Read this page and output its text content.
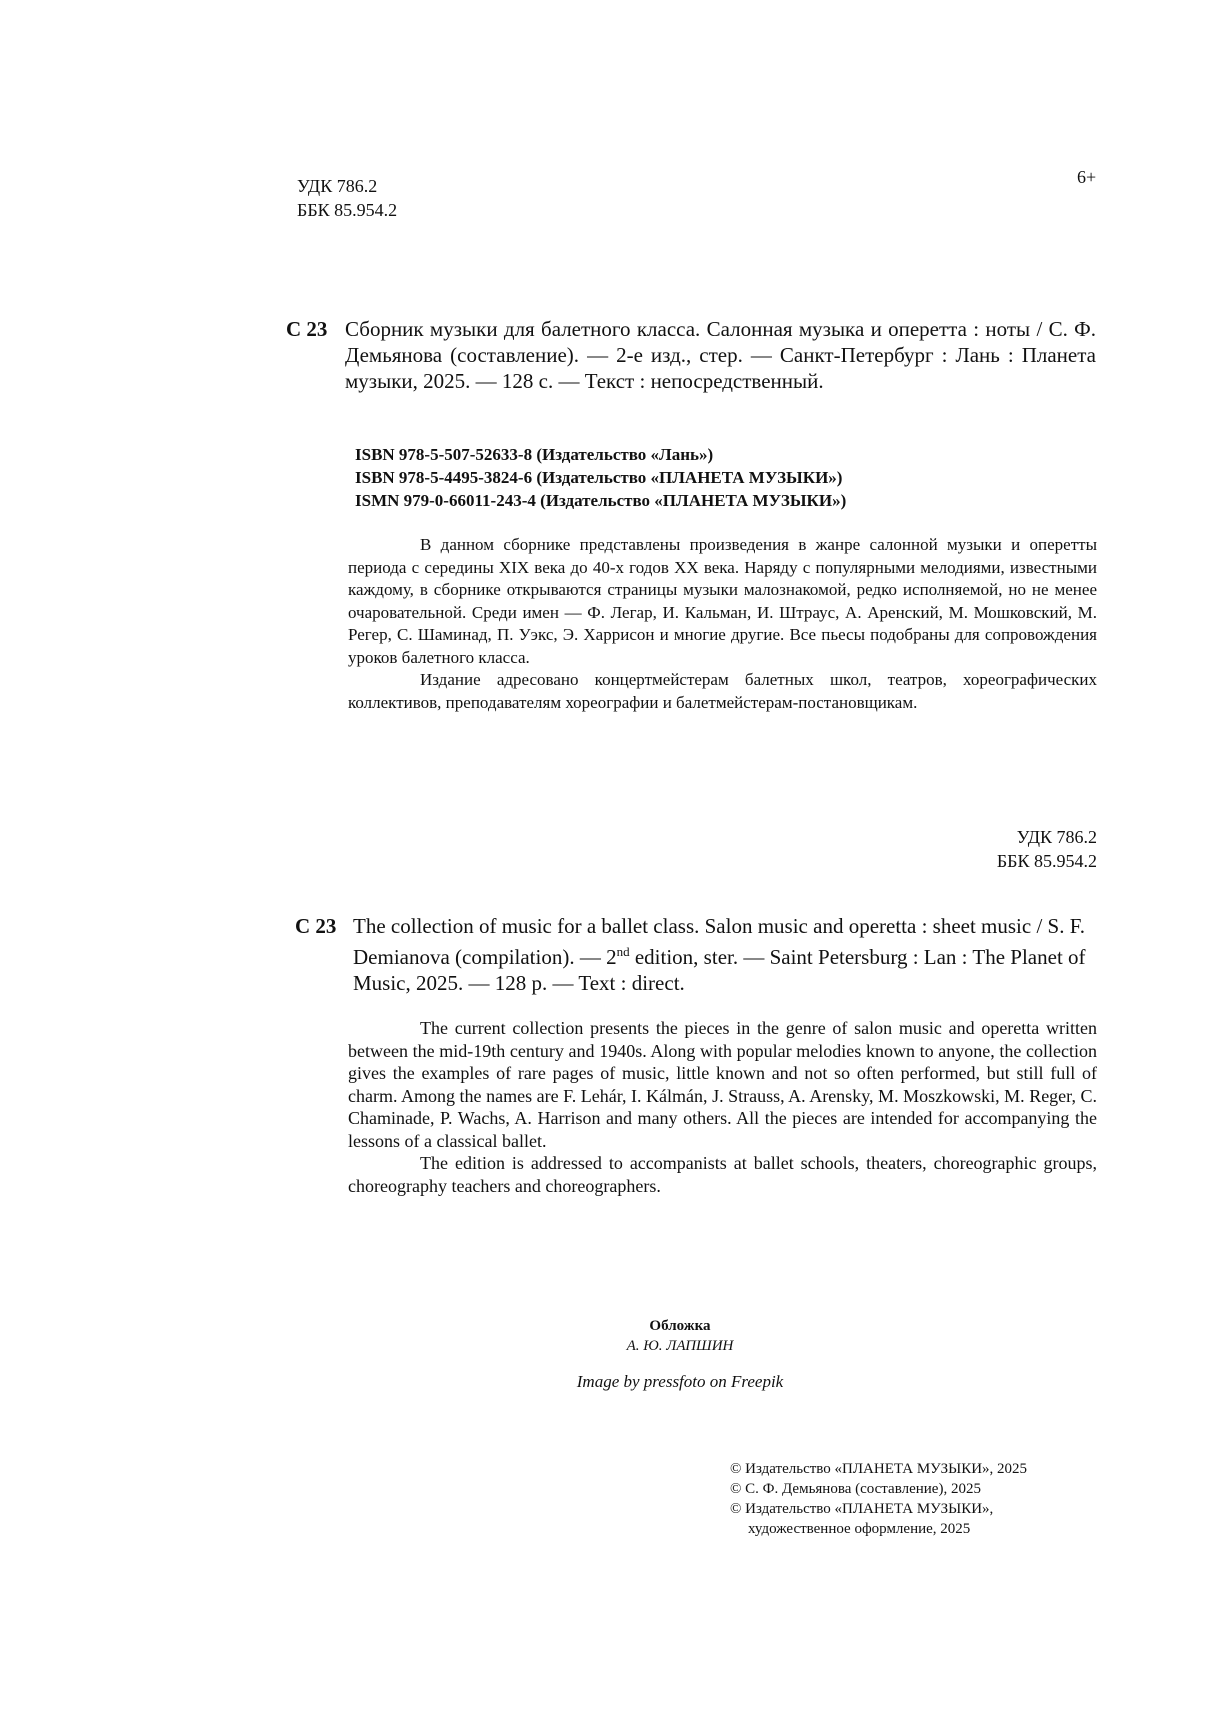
УДК 786.2
ББК 85.954.2
6+
С 23 Сборник музыки для балетного класса. Салонная музыка и оперетта : ноты / С. Ф. Демьянова (составление). — 2-е изд., стер. — Санкт-Петербург : Лань : Планета музыки, 2025. — 128 с. — Текст : непосредственный.
ISBN 978-5-507-52633-8 (Издательство «Лань»)
ISBN 978-5-4495-3824-6 (Издательство «ПЛАНЕТА МУЗЫКИ»)
ISMN 979-0-66011-243-4 (Издательство «ПЛАНЕТА МУЗЫКИ»)

В данном сборнике представлены произведения в жанре салонной музыки и оперетты периода с середины XIX века до 40-х годов XX века. Наряду с популярными мелодиями, известными каждому, в сборнике открываются страницы музыки малознакомой, редко исполняемой, но не менее очаровательной. Среди имен — Ф. Легар, И. Кальман, И. Штраус, А. Аренский, М. Мошковский, М. Регер, С. Шаминад, П. Уэкс, Э. Харрисон и многие другие. Все пьесы подобраны для сопровождения уроков балетного класса.

Издание адресовано концертмейстерам балетных школ, театров, хореографических коллективов, преподавателям хореографии и балетмейстерам-постановщикам.

УДК 786.2
ББК 85.954.2
С 23 The collection of music for a ballet class. Salon music and operetta : sheet music / S. F. Demianova (compilation). — 2nd edition, ster. — Saint Petersburg : Lan : The Planet of Music, 2025. — 128 p. — Text : direct.

The current collection presents the pieces in the genre of salon music and operetta written between the mid-19th century and 1940s. Along with popular melodies known to anyone, the collection gives the examples of rare pages of music, little known and not so often performed, but still full of charm. Among the names are F. Lehár, I. Kálmán, J. Strauss, A. Arensky, M. Moszkowski, M. Reger, C. Chaminade, P. Wachs, A. Harrison and many others. All the pieces are intended for accompanying the lessons of a classical ballet.

The edition is addressed to accompanists at ballet schools, theaters, choreographic groups, choreography teachers and choreographers.

Обложка
А. Ю. ЛАПШИН
Image by pressfoto on Freepik
© Издательство «ПЛАНЕТА МУЗЫКИ», 2025
© С. Ф. Демьянова (составление), 2025
© Издательство «ПЛАНЕТА МУЗЫКИ», художественное оформление, 2025
